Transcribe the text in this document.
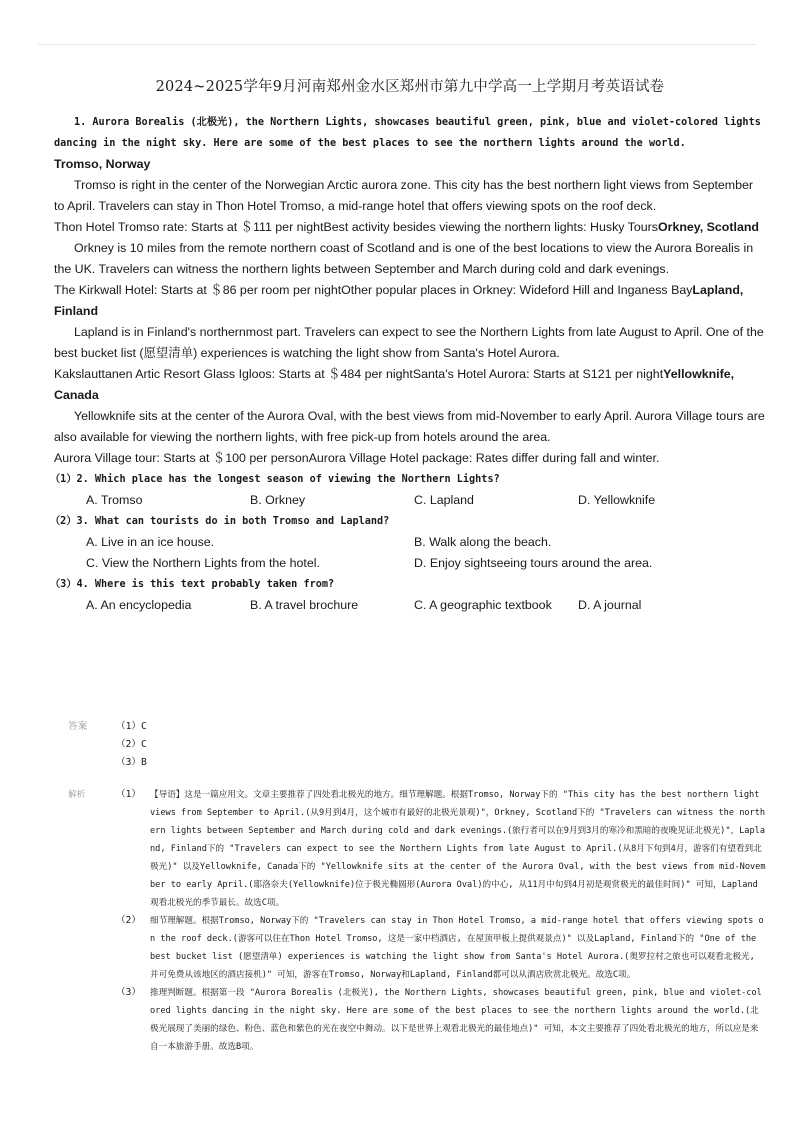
2024~2025学年9月河南郑州金水区郑州市第九中学高一上学期月考英语试卷

1. Aurora Borealis (北极光), the Northern Lights, showcases beautiful green, pink, blue and violet-colored lights dancing in the night sky. Here are some of the best places to see the northern lights around the world.

Tromso, Norway

Tromso is right in the center of the Norwegian Arctic aurora zone. This city has the best northern light views from September to April. Travelers can stay in Thon Hotel Tromso, a mid-range hotel that offers viewing spots on the roof deck.

Thon Hotel Tromso rate: Starts at ＄111 per nightBest activity besides viewing the northern lights: Husky ToursOrkney, Scotland

Orkney is 10 miles from the remote northern coast of Scotland and is one of the best locations to view the Aurora Borealis in the UK. Travelers can witness the northern lights between September and March during cold and dark evenings.

The Kirkwall Hotel: Starts at ＄86 per room per nightOther popular places in Orkney: Wideford Hill and Inganess BayLapland, Finland

Lapland is in Finland's northernmost part. Travelers can expect to see the Northern Lights from late August to April. One of the best bucket list (愿望清单) experiences is watching the light show from Santa's Hotel Aurora.

Kakslauttanen Artic Resort Glass Igloos: Starts at ＄484 per nightSanta's Hotel Aurora: Starts at S121 per nightYellowknife, Canada

Yellowknife sits at the center of the Aurora Oval, with the best views from mid-November to early April. Aurora Village tours are also available for viewing the northern lights, with free pick-up from hotels around the area.

Aurora Village tour: Starts at ＄100 per personAurora Village Hotel package: Rates differ during fall and winter.

（1）2. Which place has the longest season of viewing the Northern Lights?

A. Tromso	B. Orkney	C. Lapland	D. Yellowknife

（2）3. What can tourists do in both Tromso and Lapland?

A. Live in an ice house.	B. Walk along the beach.
C. View the Northern Lights from the hotel.	D. Enjoy sightseeing tours around the area.

（3）4. Where is this text probably taken from?

A. An encyclopedia	B. A travel brochure	C. A geographic textbook	D. A journal
答案	（1）C
（2）C
（3）B
解析	（1）	【导语】这是一篇应用文。文章主要推荐了四处看北极光的地方。细节理解题。根据Tromso, Norway下的 "This city has the best northern light views from September to April.(从9月到4月，这个城市有最好的北极光景观)"，Orkney, Scotland下的 "Travelers can witness the northern lights between September and March during cold and dark evenings.(旅行者可以在9月到3月的寒冷和黑暗的夜晚见证北极光)"，Lapland, Finland下的 "Travelers can expect to see the Northern Lights from late August to April.(从8月下旬到4月，游客们有望看到北极光)" 以及Yellowknife, Canada下的 "Yellowknife sits at the center of the Aurora Oval, with the best views from mid-November to early April.(耶洛奈夫(Yellowknife)位于极光椭圆形(Aurora Oval)的中心, 从11月中旬到4月初是观赏极光的最佳时间)" 可知，Lapland观看北极光的季节最长。故选C项。
（2）	细节理解题。根据Tromso, Norway下的 "Travelers can stay in Thon Hotel Tromso, a mid-range hotel that offers viewing spots on the roof deck.(游客可以住在Thon Hotel Tromso, 这是一家中档酒店, 在屋顶甲板上提供观景点)" 以及Lapland, Finland下的 "One of the best bucket list (愿望清单) experiences is watching the light show from Santa's Hotel Aurora.(奥罗拉村之旅也可以观看北极光, 并可免费从该地区的酒店接机)" 可知，游客在Tromso, Norway和Lapland, Finland都可以从酒店欣赏北极光。故选C项。
（3）	推理判断题。根据第一段 "Aurora Borealis (北极光), the Northern Lights, showcases beautiful green, pink, blue and violet-colored lights dancing in the night sky. Here are some of the best places to see the northern lights around the world.(北极光展现了美丽的绿色、粉色、蓝色和紫色的光在夜空中舞动。以下是世界上观看北极光的最佳地点)" 可知，本文主要推荐了四处看北极光的地方，所以应是来自一本旅游手册。故选B项。
